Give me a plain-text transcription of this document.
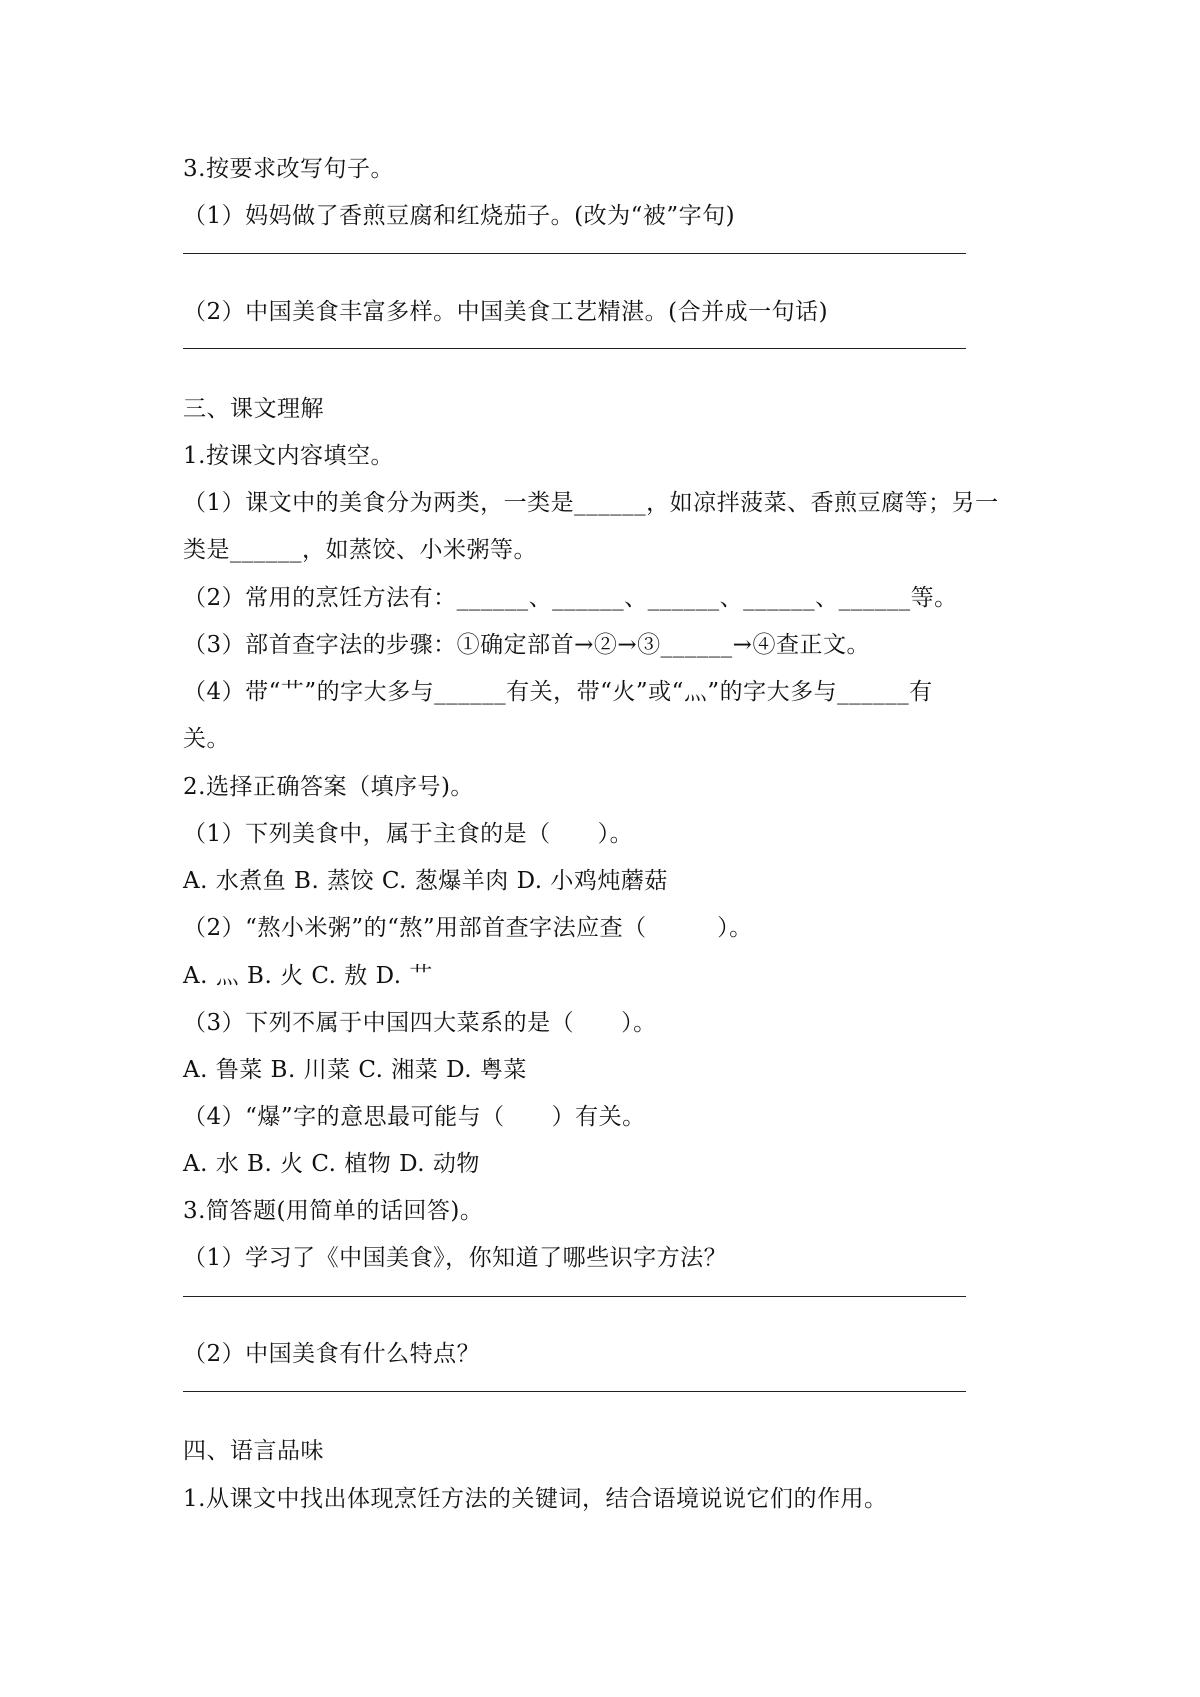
3.按要求改写句子。
（1）妈妈做了香煎豆腐和红烧茄子。(改为“被”字句)
（2）中国美食丰富多样。中国美食工艺精湛。(合并成一句话)
三、课文理解
1.按课文内容填空。
（1）课文中的美食分为两类，一类是______，如凉拌菠菜、香煎豆腐等；另一
类是______，如蒸饺、小米粥等。
（2）常用的烹饪方法有：______、______、______、______、______等。
（3）部首查字法的步骤：①确定部首→②→③______→④查正文。
（4）带“艹”的字大多与______有关，带“火”或“灬”的字大多与______有
关。
2.选择正确答案（填序号)。
（1）下列美食中，属于主食的是（　　）。
A. 水煮鱼 B. 蒸饺 C. 葱爆羊肉 D. 小鸡炖蘑菇
（2）“熬小米粥”的“熬”用部首查字法应查（　　　）。
A. 灬 B. 火 C. 敖 D. 艹
（3）下列不属于中国四大菜系的是（　　）。
A. 鲁菜 B. 川菜 C. 湘菜 D. 粤菜
（4）“爆”字的意思最可能与（　　）有关。
A. 水 B. 火 C. 植物 D. 动物
3.简答题(用简单的话回答)。
（1）学习了《中国美食》，你知道了哪些识字方法？
（2）中国美食有什么特点？
四、语言品味
1.从课文中找出体现烹饪方法的关键词，结合语境说说它们的作用。
